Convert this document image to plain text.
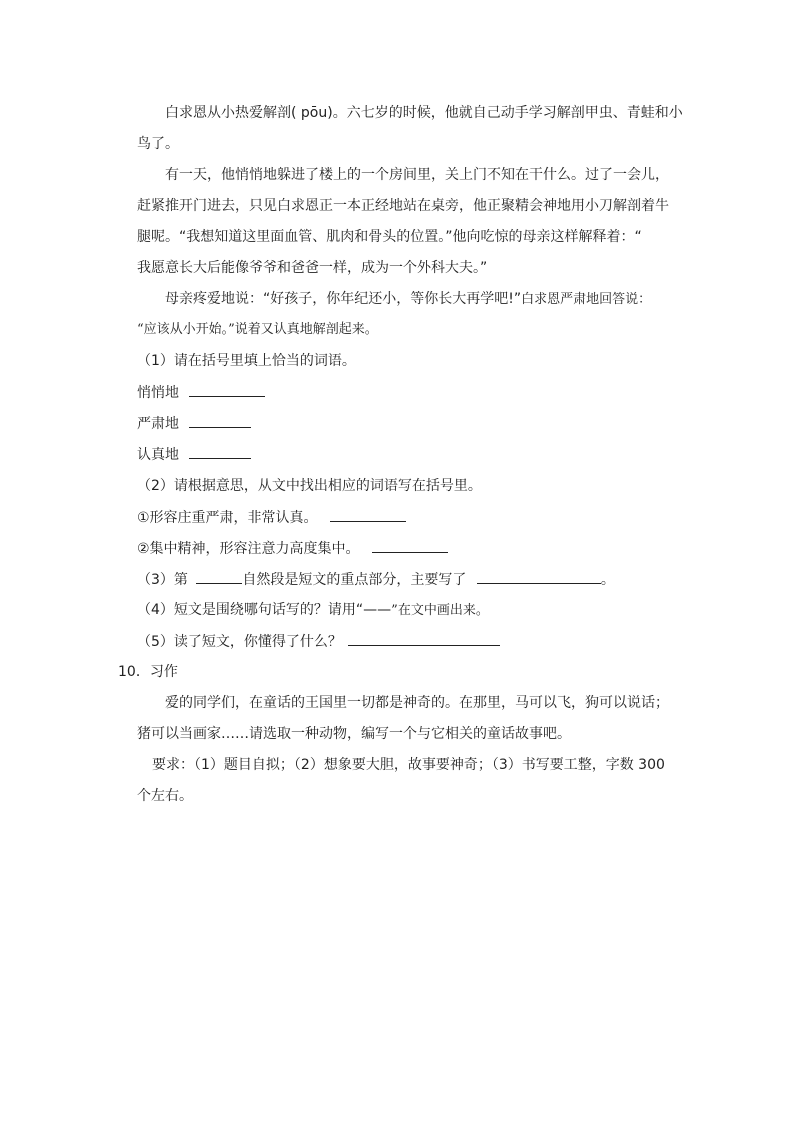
白求恩从小热爱解剖( pōu)。六七岁的时候，他就自己动手学习解剖甲虫、青蛙和小
鸟了。
有一天，他悄悄地躲进了楼上的一个房间里，关上门不知在干什么。过了一会儿，
赶紧推开门进去，只见白求恩正一本正经地站在桌旁，他正聚精会神地用小刀解剖着牛
腿呢。“我想知道这里面血管、肌肉和骨头的位置。”他向吃惊的母亲这样解释着：“
我愿意长大后能像爷爷和爸爸一样，成为一个外科大夫。”
母亲疼爱地说：“好孩子，你年纪还小，等你长大再学吧!”白求恩严肃地回答说：
“应该从小开始。”说着又认真地解剖起来。
（1）请在括号里填上恰当的词语。
悄悄地
严肃地
认真地
（2）请根据意思，从文中找出相应的词语写在括号里。
①形容庄重严肃，非常认真。
②集中精神，形容注意力高度集中。
（3）第	自然段是短文的重点部分，主要写了	。
（4）短文是围绕哪句话写的？请用“——”在文中画出来。
（5）读了短文，你懂得了什么？
10．习作
爱的同学们，在童话的王国里一切都是神奇的。在那里，马可以飞，狗可以说话；
猪可以当画家……请选取一种动物，编写一个与它相关的童话故事吧。
要求：（1）题目自拟；（2）想象要大胆，故事要神奇；（3）书写要工整，字数 300
个左右。
